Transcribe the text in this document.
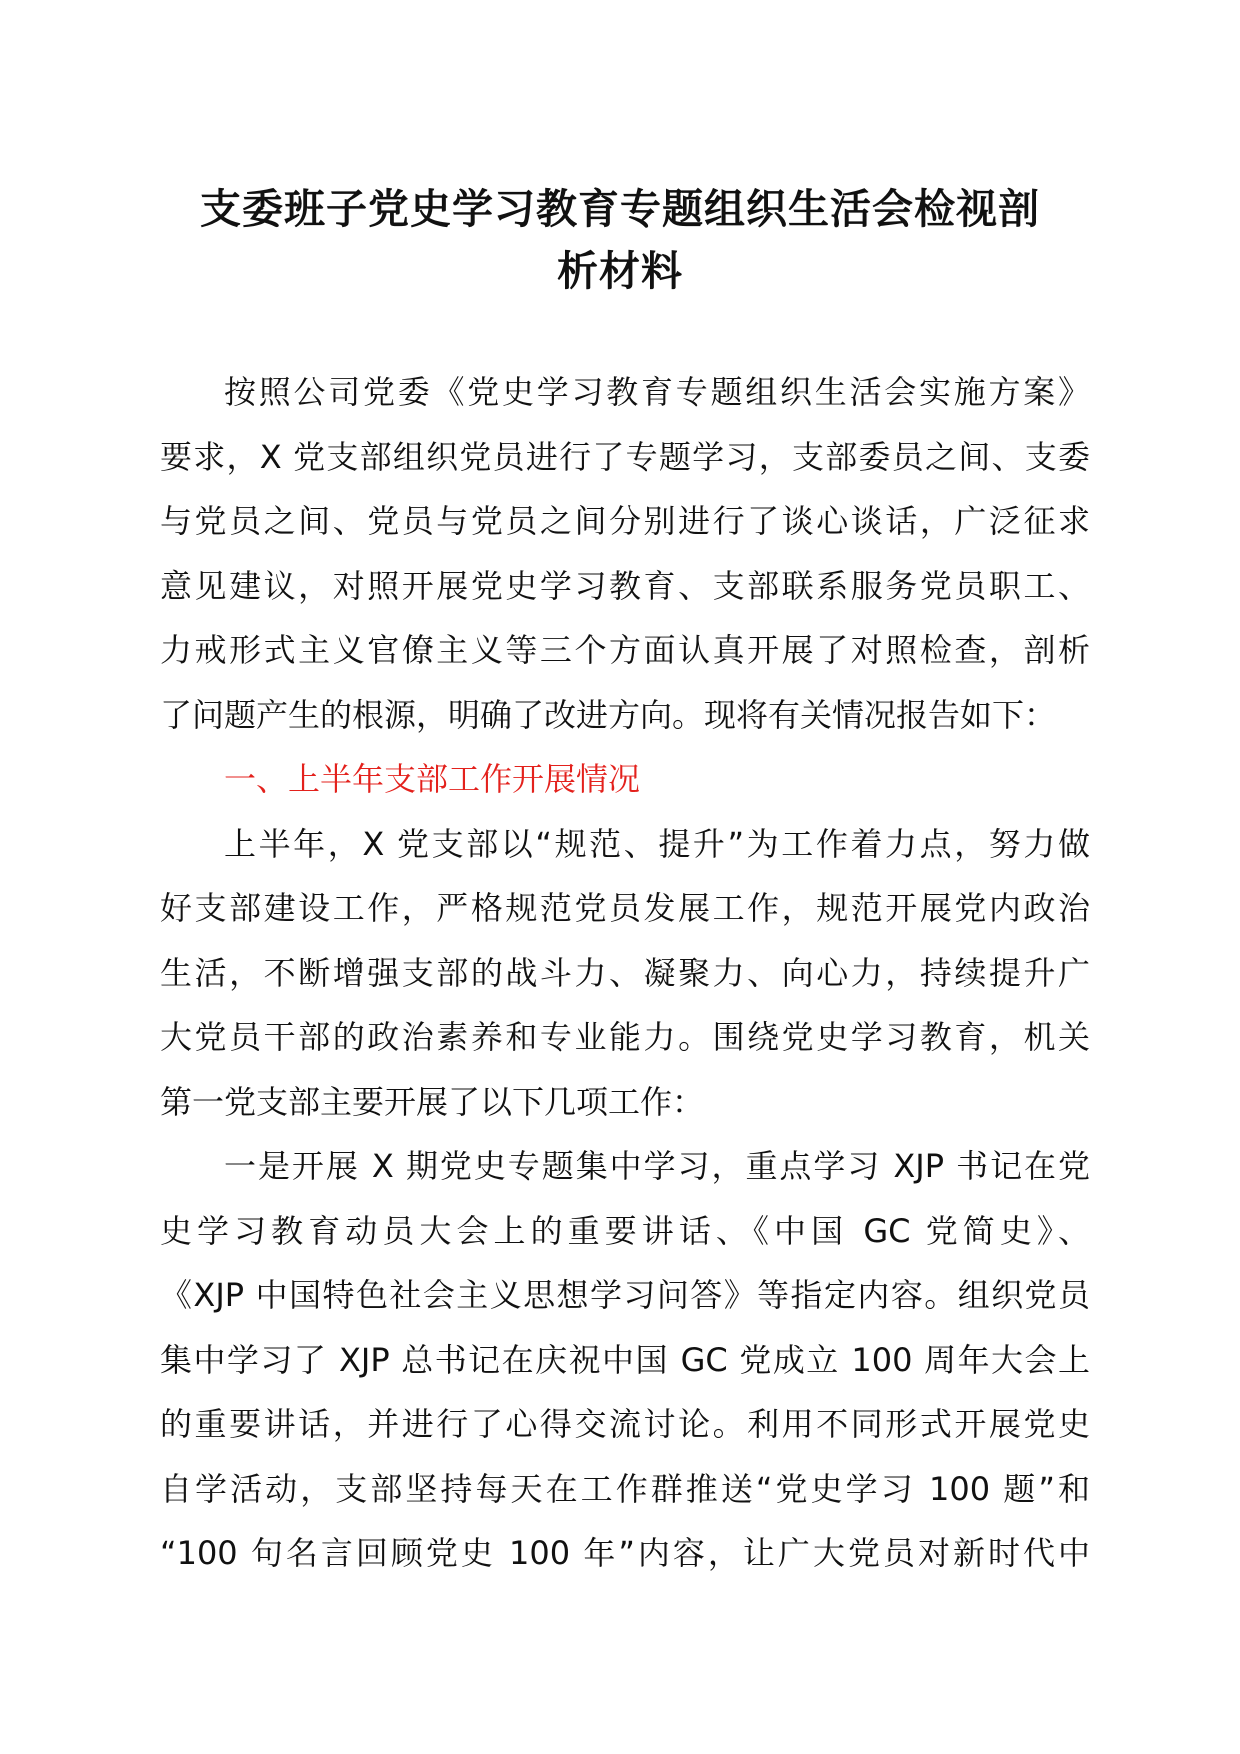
支委班子党史学习教育专题组织生活会检视剖
析材料
按照公司党委《党史学习教育专题组织生活会实施方案》
要求，X 党支部组织党员进行了专题学习，支部委员之间、支委
与党员之间、党员与党员之间分别进行了谈心谈话，广泛征求
意见建议，对照开展党史学习教育、支部联系服务党员职工、
力戒形式主义官僚主义等三个方面认真开展了对照检查，剖析
了问题产生的根源，明确了改进方向。现将有关情况报告如下：
一、上半年支部工作开展情况
上半年，X 党支部以“规范、提升”为工作着力点，努力做
好支部建设工作，严格规范党员发展工作，规范开展党内政治
生活，不断增强支部的战斗力、凝聚力、向心力，持续提升广
大党员干部的政治素养和专业能力。围绕党史学习教育，机关
第一党支部主要开展了以下几项工作：
一是开展 X 期党史专题集中学习，重点学习 XJP 书记在党
史学习教育动员大会上的重要讲话、《中国 GC 党简史》、
《XJP 中国特色社会主义思想学习问答》等指定内容。组织党员
集中学习了 XJP 总书记在庆祝中国 GC 党成立 100 周年大会上
的重要讲话，并进行了心得交流讨论。利用不同形式开展党史
自学活动，支部坚持每天在工作群推送“党史学习 100 题”和
“100 句名言回顾党史 100 年”内容，让广大党员对新时代中
